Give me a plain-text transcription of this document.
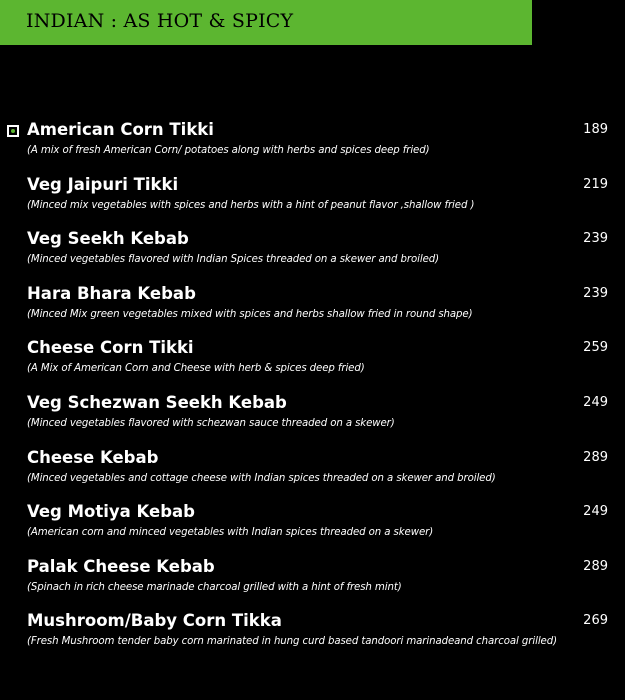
INDIAN : AS HOT & SPICY
American Corn Tikki	189
(A mix of fresh American Corn/ potatoes along with herbs and spices deep fried)
Veg Jaipuri Tikki	219
(Minced mix vegetables with spices and herbs with a hint of peanut flavor ,shallow fried )
Veg Seekh Kebab	239
(Minced vegetables flavored with Indian Spices threaded on a skewer and broiled)
Hara Bhara Kebab	239
(Minced Mix green vegetables mixed with spices and herbs shallow fried in round shape)
Cheese Corn Tikki	259
(A Mix of American Corn and Cheese with herb & spices deep fried)
Veg Schezwan Seekh Kebab	249
(Minced vegetables flavored with schezwan sauce threaded on a skewer)
Cheese Kebab	289
(Minced vegetables and cottage cheese with Indian spices threaded on a skewer and broiled)
Veg Motiya Kebab	249
(American corn and minced vegetables with Indian spices threaded on a skewer)
Palak Cheese Kebab	289
(Spinach in rich cheese marinade charcoal grilled with a hint of fresh mint)
Mushroom/Baby Corn Tikka	269
(Fresh Mushroom tender baby corn marinated in hung curd based tandoori marinadeand charcoal grilled)
